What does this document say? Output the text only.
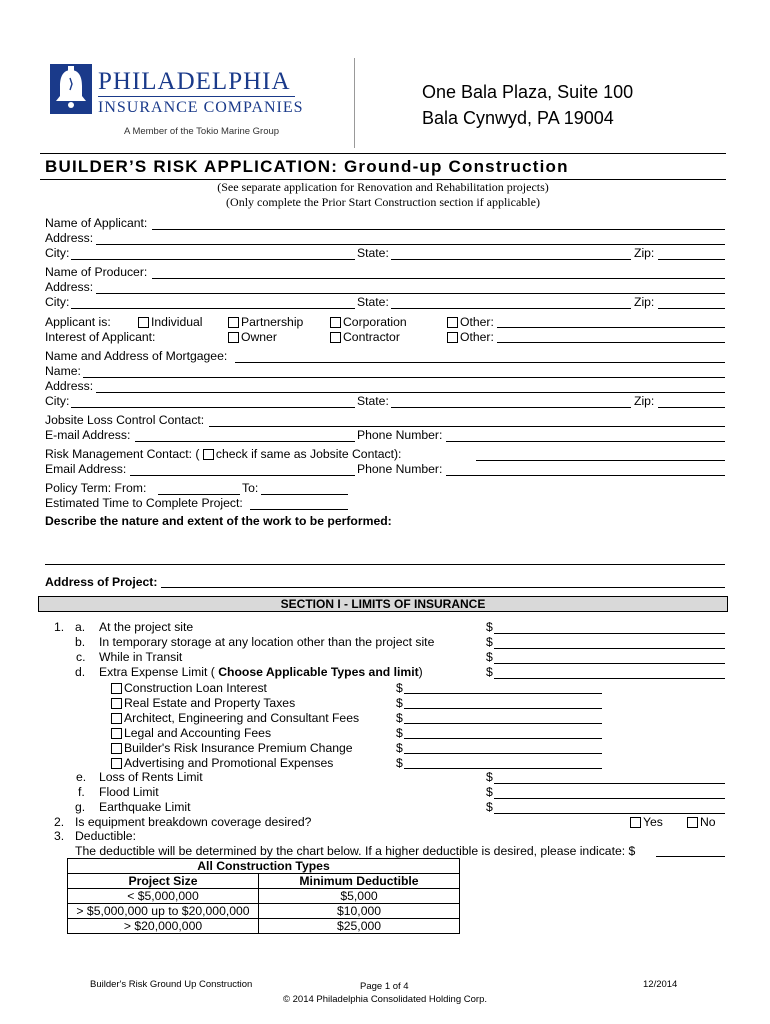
PHILADELPHIA
INSURANCE COMPANIES
A Member of the Tokio Marine Group
One Bala Plaza, Suite 100
Bala Cynwyd, PA 19004
BUILDER’S RISK APPLICATION: Ground-up Construction
(See separate application for Renovation and Rehabilitation projects)
(Only complete the Prior Start Construction section if applicable)
Name of Applicant:
Address:
City:	State:	Zip:
Name of Producer:
Address:
City:	State:	Zip:
Applicant is:	Individual	Partnership	Corporation	Other:
Interest of Applicant:	Owner	Contractor	Other:
Name and Address of Mortgagee:
Name:
Address:
City:	State:	Zip:
Jobsite Loss Control Contact:
E-mail Address:	Phone Number:
Risk Management Contact: ( check if same as Jobsite Contact):
Email Address:	Phone Number:
Policy Term: From:	To:
Estimated Time to Complete Project:
Describe the nature and extent of the work to be performed:
Address of Project:
SECTION I - LIMITS OF INSURANCE
1. a. At the project site	$
b. In temporary storage at any location other than the project site	$
c. While in Transit	$
d. Extra Expense Limit ( Choose Applicable Types and limit)	$
Construction Loan Interest	$
Real Estate and Property Taxes	$
Architect, Engineering and Consultant Fees	$
Legal and Accounting Fees	$
Builder's Risk Insurance Premium Change	$
Advertising and Promotional Expenses	$
e. Loss of Rents Limit	$
f. Flood Limit	$
g. Earthquake Limit	$
2. Is equipment breakdown coverage desired?	Yes	No
3. Deductible:
The deductible will be determined by the chart below. If a higher deductible is desired, please indicate: $
All Construction Types	
Project Size	Minimum Deductible
< $5,000,000	$5,000
> $5,000,000 up to $20,000,000	$10,000
> $20,000,000	$25,000
Builder's Risk Ground Up Construction	Page 1 of 4	12/2014
© 2014 Philadelphia Consolidated Holding Corp.
